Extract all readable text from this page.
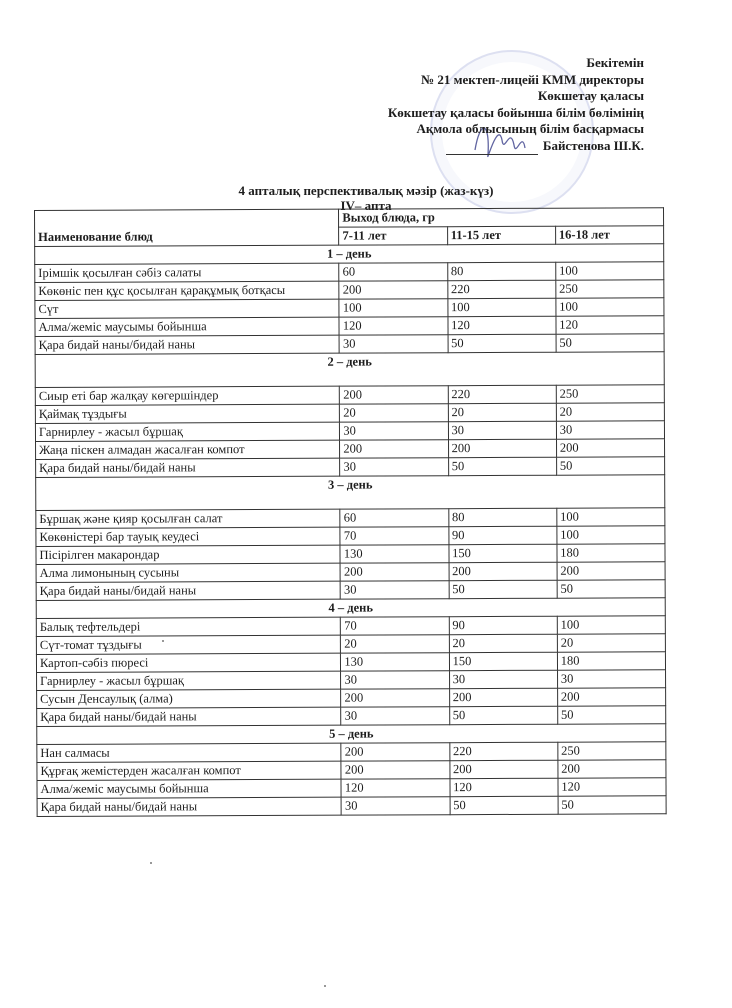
Бекітемін
№ 21 мектеп-лицейі КММ директоры
Көкшетау қаласы
Көкшетау қаласы бойынша білім бөлімінің
Ақмола облысының білім басқармасы
Байстенова Ш.К.
4 апталық перспективалық мәзір (жаз-күз)
IV– апта
Наименование блюд	Выход блюда, гр		
	7-11 лет	11-15 лет	16-18 лет
1 – день			
Ірімшік қосылған сәбіз салаты	60	80	100
Көкөніс пен құс қосылған қарақұмық ботқасы	200	220	250
Сүт	100	100	100
Алма/жеміс маусымы бойынша	120	120	120
Қара бидай наны/бидай наны	30	50	50
2 – день			
Сиыр еті бар жалқау көгершіндер	200	220	250
Қаймақ тұздығы	20	20	20
Гарнирлеу - жасыл бұршақ	30	30	30
Жаңа піскен алмадан жасалған компот	200	200	200
Қара бидай наны/бидай наны	30	50	50
3 – день			
Бұршақ және қияр қосылған салат	60	80	100
Көкөністері бар тауық кеудесі	70	90	100
Пісірілген макарондар	130	150	180
Алма лимонының сусыны	200	200	200
Қара бидай наны/бидай наны	30	50	50
4 – день			
Балық тефтельдері	70	90	100
Сүт-томат тұздығы	20	20	20
Картоп-сәбіз пюресі	130	150	180
Гарнирлеу - жасыл бұршақ	30	30	30
Сусын Денсаулық (алма)	200	200	200
Қара бидай наны/бидай наны	30	50	50
5 – день			
Нан салмасы	200	220	250
Құрғақ жемістерден жасалған компот	200	200	200
Алма/жеміс маусымы бойынша	120	120	120
Қара бидай наны/бидай наны	30	50	50
